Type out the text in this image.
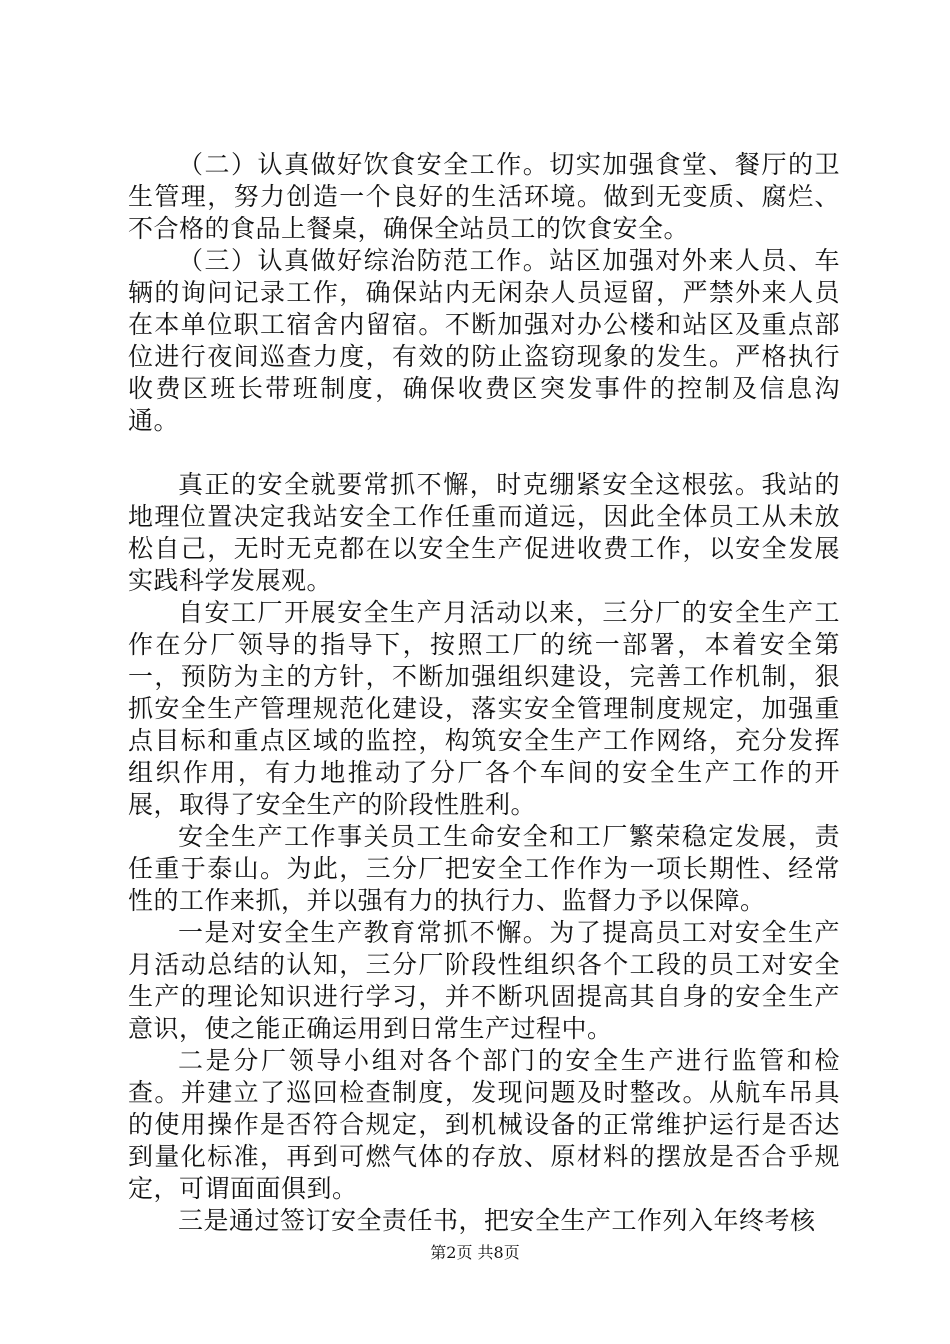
（二）认真做好饮食安全工作。切实加强食堂、餐厅的卫生管理，努力创造一个良好的生活环境。做到无变质、腐烂、不合格的食品上餐桌，确保全站员工的饮食安全。

（三）认真做好综治防范工作。站区加强对外来人员、车辆的询问记录工作，确保站内无闲杂人员逗留，严禁外来人员在本单位职工宿舍内留宿。不断加强对办公楼和站区及重点部位进行夜间巡查力度，有效的防止盗窃现象的发生。严格执行收费区班长带班制度，确保收费区突发事件的控制及信息沟通。

真正的安全就要常抓不懈，时克绷紧安全这根弦。我站的地理位置决定我站安全工作任重而道远，因此全体员工从未放松自己，无时无克都在以安全生产促进收费工作，以安全发展实践科学发展观。

自安工厂开展安全生产月活动以来，三分厂的安全生产工作在分厂领导的指导下，按照工厂的统一部署，本着安全第一，预防为主的方针，不断加强组织建设，完善工作机制，狠抓安全生产管理规范化建设，落实安全管理制度规定，加强重点目标和重点区域的监控，构筑安全生产工作网络，充分发挥组织作用，有力地推动了分厂各个车间的安全生产工作的开展，取得了安全生产的阶段性胜利。

安全生产工作事关员工生命安全和工厂繁荣稳定发展，责任重于泰山。为此，三分厂把安全工作作为一项长期性、经常性的工作来抓，并以强有力的执行力、监督力予以保障。

一是对安全生产教育常抓不懈。为了提高员工对安全生产月活动总结的认知，三分厂阶段性组织各个工段的员工对安全生产的理论知识进行学习，并不断巩固提高其自身的安全生产意识，使之能正确运用到日常生产过程中。

二是分厂领导小组对各个部门的安全生产进行监管和检查。并建立了巡回检查制度，发现问题及时整改。从航车吊具的使用操作是否符合规定，到机械设备的正常维护运行是否达到量化标准，再到可燃气体的存放、原材料的摆放是否合乎规定，可谓面面俱到。

三是通过签订安全责任书，把安全生产工作列入年终考核

第2页 共8页
